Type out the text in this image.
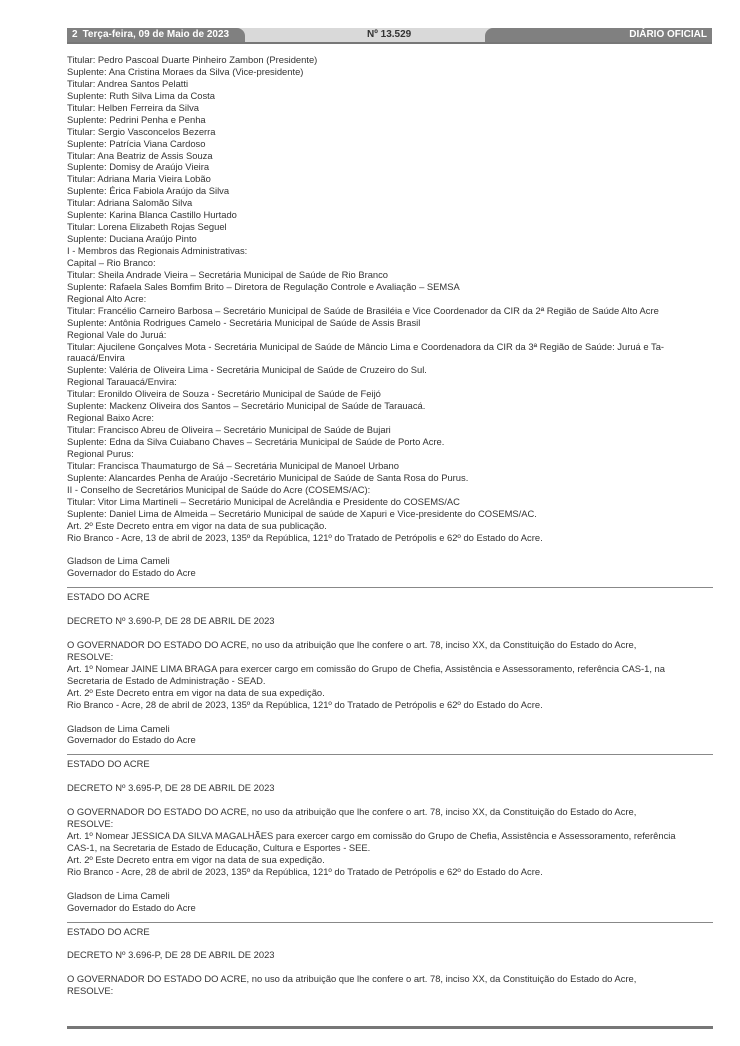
2 Terça-feira, 09 de Maio de 2023	Nº 13.529	DIÁRIO OFICIAL
Titular: Pedro Pascoal Duarte Pinheiro Zambon (Presidente)
Suplente: Ana Cristina Moraes da Silva (Vice-presidente)
Titular: Andrea Santos Pelatti
Suplente: Ruth Silva Lima da Costa
Titular: Helben Ferreira da Silva
Suplente: Pedrini Penha e Penha
Titular: Sergio Vasconcelos Bezerra
Suplente: Patrícia Viana Cardoso
Titular: Ana Beatriz de Assis Souza
Suplente: Domisy de Araújo Vieira
Titular: Adriana Maria Vieira Lobão
Suplente: Érica Fabiola Araújo da Silva
Titular: Adriana Salomão Silva
Suplente: Karina Blanca Castillo Hurtado
Titular: Lorena Elizabeth Rojas Seguel
Suplente: Duciana Araújo Pinto
I - Membros das Regionais Administrativas:
Capital – Rio Branco:
Titular: Sheila Andrade Vieira – Secretária Municipal de Saúde de Rio Branco
Suplente: Rafaela Sales Bomfim Brito – Diretora de Regulação Controle e Avaliação – SEMSA
Regional Alto Acre:
Titular: Francélio Carneiro Barbosa – Secretário Municipal de Saúde de Brasiléia e Vice Coordenador da CIR da 2ª Região de Saúde Alto Acre
Suplente: Antônia Rodrigues Camelo - Secretária Municipal de Saúde de Assis Brasil
Regional Vale do Juruá:
Titular: Ajucilene Gonçalves Mota - Secretária Municipal de Saúde de Mâncio Lima e Coordenadora da CIR da 3ª Região de Saúde: Juruá e Ta-
rauacá/Envira
Suplente: Valéria de Oliveira Lima - Secretária Municipal de Saúde de Cruzeiro do Sul.
Regional Tarauacá/Envira:
Titular: Eronildo Oliveira de Souza - Secretário Municipal de Saúde de Feijó
Suplente: Mackenz Oliveira dos Santos – Secretário Municipal de Saúde de Tarauacá.
Regional Baixo Acre:
Titular: Francisco Abreu de Oliveira – Secretário Municipal de Saúde de Bujari
Suplente: Edna da Silva Cuiabano Chaves – Secretária Municipal de Saúde de Porto Acre.
Regional Purus:
Titular: Francisca Thaumaturgo de Sá – Secretária Municipal de Manoel Urbano
Suplente: Alancardes Penha de Araújo -Secretário Municipal de Saúde de Santa Rosa do Purus.
II - Conselho de Secretários Municipal de Saúde do Acre (COSEMS/AC):
Titular: Vitor Lima Martineli – Secretário Municipal de Acrelândia e Presidente do COSEMS/AC
Suplente: Daniel Lima de Almeida – Secretário Municipal de saúde de Xapuri e Vice-presidente do COSEMS/AC.
Art. 2º Este Decreto entra em vigor na data de sua publicação.
Rio Branco - Acre, 13 de abril de 2023, 135º da República, 121º do Tratado de Petrópolis e 62º do Estado do Acre.
Gladson de Lima Cameli
Governador do Estado do Acre
ESTADO DO ACRE
DECRETO Nº 3.690-P, DE 28 DE ABRIL DE 2023
O GOVERNADOR DO ESTADO DO ACRE, no uso da atribuição que lhe confere o art. 78, inciso XX, da Constituição do Estado do Acre,
RESOLVE:
Art. 1º Nomear JAINE LIMA BRAGA para exercer cargo em comissão do Grupo de Chefia, Assistência e Assessoramento, referência CAS-1, na
Secretaria de Estado de Administração - SEAD.
Art. 2º Este Decreto entra em vigor na data de sua expedição.
Rio Branco - Acre, 28 de abril de 2023, 135º da República, 121º do Tratado de Petrópolis e 62º do Estado do Acre.
Gladson de Lima Cameli
Governador do Estado do Acre
ESTADO DO ACRE
DECRETO Nº 3.695-P, DE 28 DE ABRIL DE 2023
O GOVERNADOR DO ESTADO DO ACRE, no uso da atribuição que lhe confere o art. 78, inciso XX, da Constituição do Estado do Acre,
RESOLVE:
Art. 1º Nomear JESSICA DA SILVA MAGALHÃES para exercer cargo em comissão do Grupo de Chefia, Assistência e Assessoramento, referência
CAS-1, na Secretaria de Estado de Educação, Cultura e Esportes - SEE.
Art. 2º Este Decreto entra em vigor na data de sua expedição.
Rio Branco - Acre, 28 de abril de 2023, 135º da República, 121º do Tratado de Petrópolis e 62º do Estado do Acre.
Gladson de Lima Cameli
Governador do Estado do Acre
ESTADO DO ACRE
DECRETO Nº 3.696-P, DE 28 DE ABRIL DE 2023
O GOVERNADOR DO ESTADO DO ACRE, no uso da atribuição que lhe confere o art. 78, inciso XX, da Constituição do Estado do Acre,
RESOLVE:
